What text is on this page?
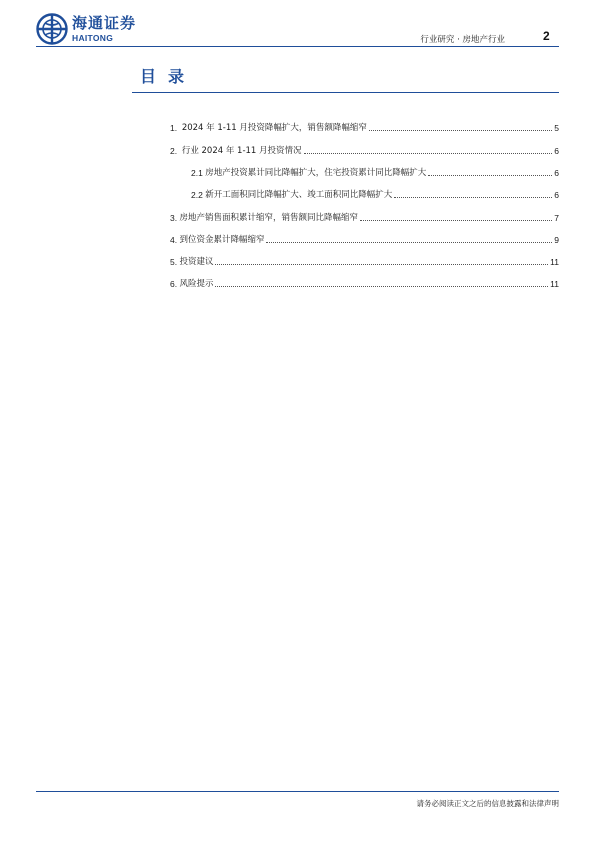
海通证券
HAITONG	行业研究 · 房地产行业	2
目录
1. 2024 年 1-11 月投资降幅扩大，销售额降幅缩窄	5
2. 行业 2024 年 1-11 月投资情况	6
2.1 房地产投资累计同比降幅扩大，住宅投资累计同比降幅扩大	6
2.2 新开工面积同比降幅扩大、竣工面积同比降幅扩大	6
3. 房地产销售面积累计缩窄，销售额同比降幅缩窄	7
4. 到位资金累计降幅缩窄	9
5. 投资建议	11
6. 风险提示	11
请务必阅读正文之后的信息披露和法律声明
